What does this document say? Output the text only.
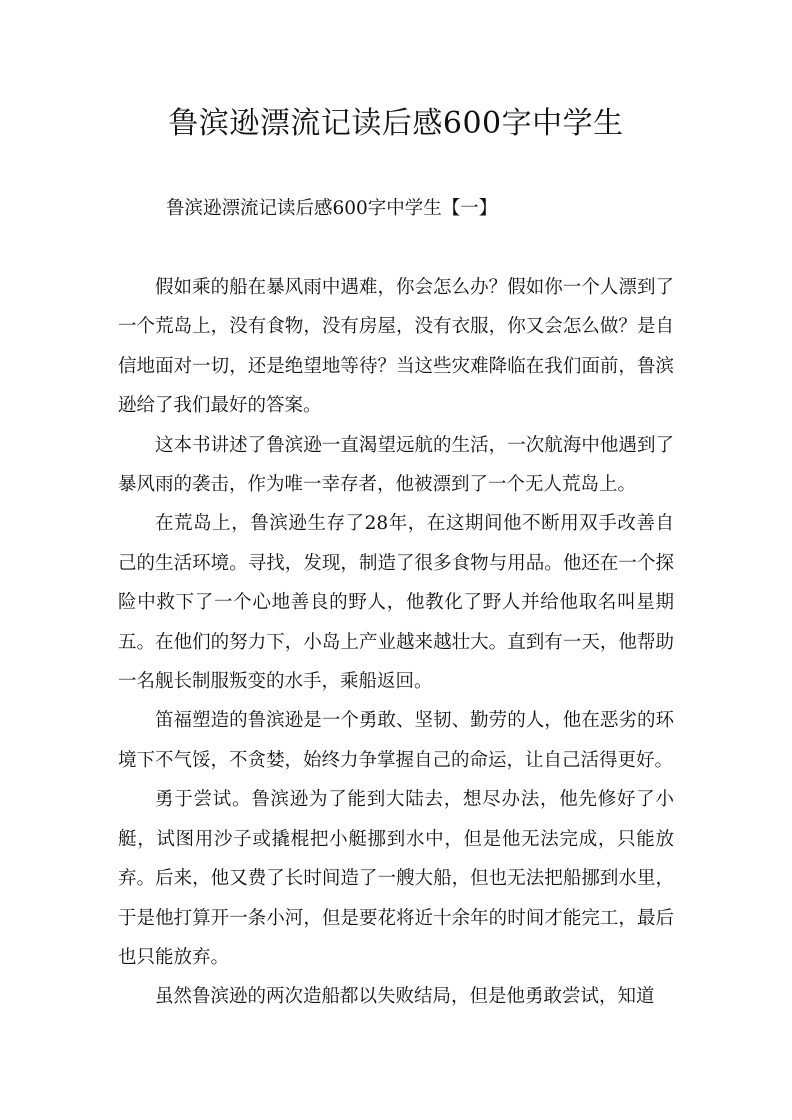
鲁滨逊漂流记读后感600字中学生
鲁滨逊漂流记读后感600字中学生【一】

假如乘的船在暴风雨中遇难，你会怎么办？假如你一个人漂到了一个荒岛上，没有食物，没有房屋，没有衣服，你又会怎么做？是自信地面对一切，还是绝望地等待？当这些灾难降临在我们面前，鲁滨逊给了我们最好的答案。

这本书讲述了鲁滨逊一直渴望远航的生活，一次航海中他遇到了暴风雨的袭击，作为唯一幸存者，他被漂到了一个无人荒岛上。

在荒岛上，鲁滨逊生存了28年，在这期间他不断用双手改善自己的生活环境。寻找，发现，制造了很多食物与用品。他还在一个探险中救下了一个心地善良的野人，他教化了野人并给他取名叫星期五。在他们的努力下，小岛上产业越来越壮大。直到有一天，他帮助一名舰长制服叛变的水手，乘船返回。

笛福塑造的鲁滨逊是一个勇敢、坚韧、勤劳的人，他在恶劣的环境下不气馁，不贪婪，始终力争掌握自己的命运，让自己活得更好。

勇于尝试。鲁滨逊为了能到大陆去，想尽办法，他先修好了小艇，试图用沙子或撬棍把小艇挪到水中，但是他无法完成，只能放弃。后来，他又费了长时间造了一艘大船，但也无法把船挪到水里，于是他打算开一条小河，但是要花将近十余年的时间才能完工，最后也只能放弃。

虽然鲁滨逊的两次造船都以失败结局，但是他勇敢尝试，知道
